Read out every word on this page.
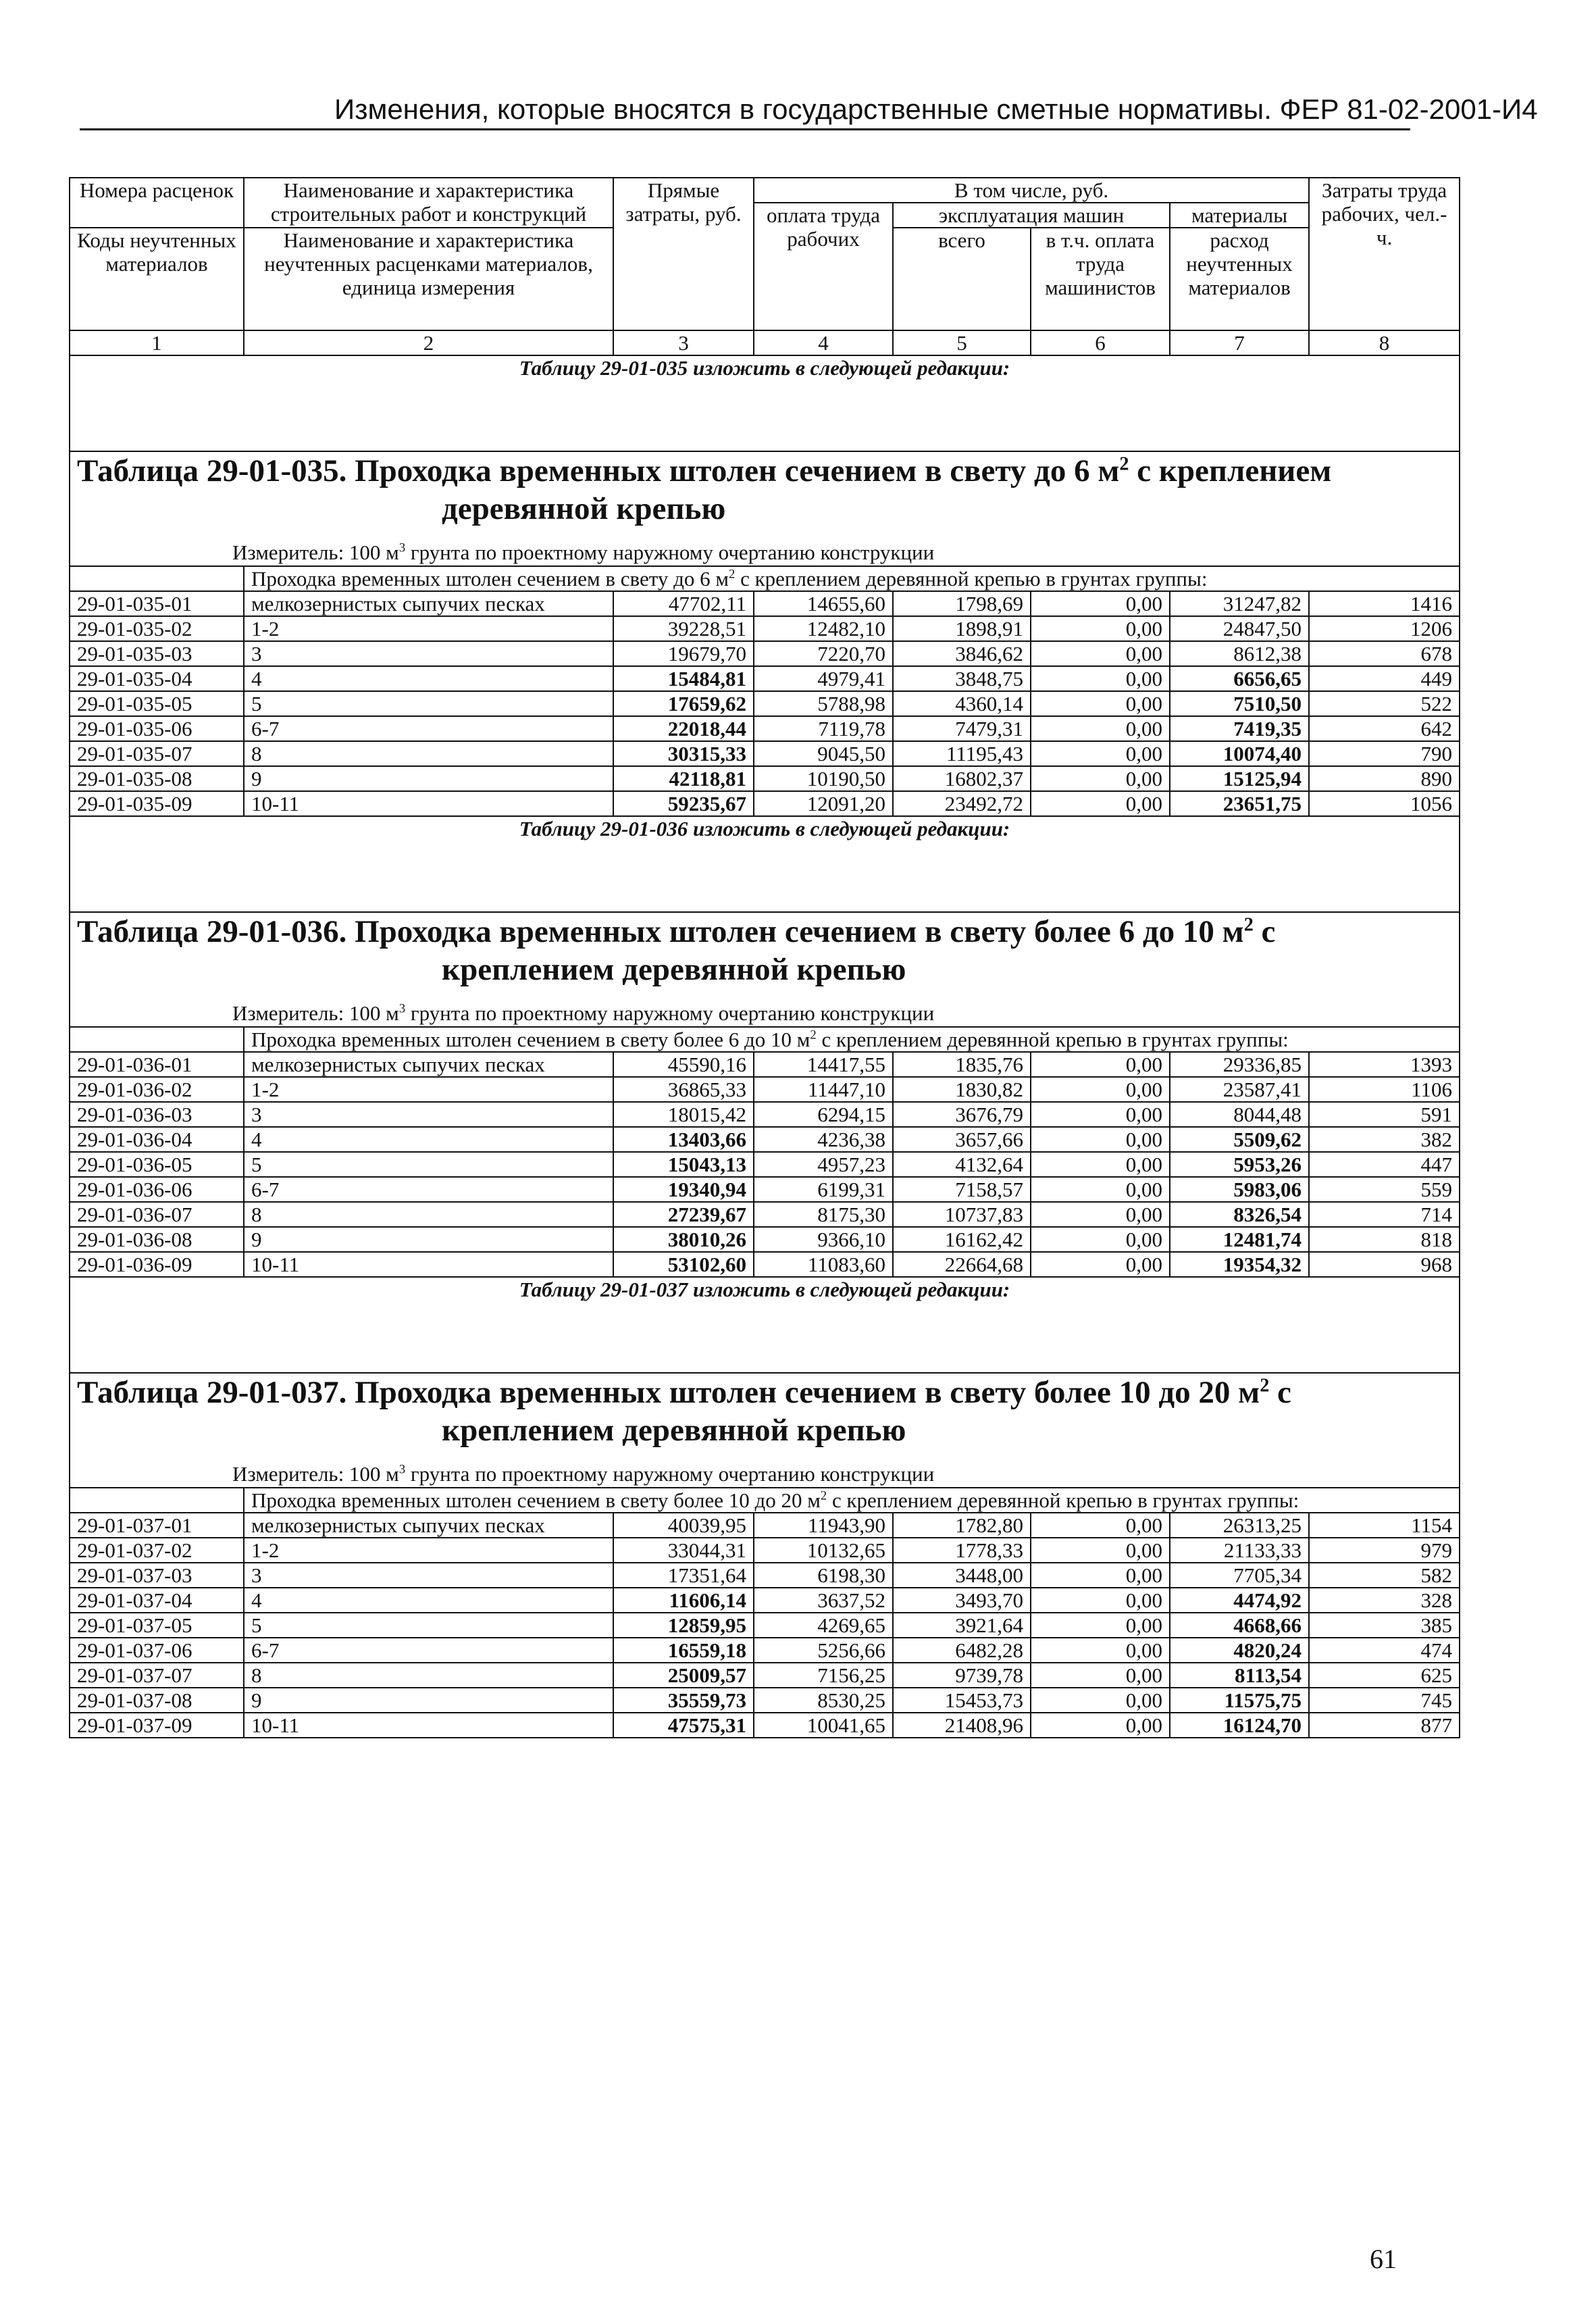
Изменения, которые вносятся в государственные сметные нормативы. ФЕР 81-02-2001-И4
Номера расценок	Наименование и характеристика строительных работ и конструкций	Прямые затраты, руб.	В том числе, руб.				Затраты труда рабочих, чел.-ч.
			оплата труда рабочих	эксплуатация машин		материалы	
Коды неучтенных материалов	Наименование и характеристика неучтенных расценками материалов, единица измерения			всего	в т.ч. оплата труда машинистов	расход неучтенных материалов	

1	2	3	4	5	6	7	8
Таблицу 29-01-035 изложить в следующей редакции:							

Таблица 29-01-035. Проходка временных штолен сечением в свету до 6 $м^2$ с креплением деревянной крепью
Измеритель: 100 $м^3$ грунта по проектному наружному очертанию конструкции							

	Проходка временных штолен сечением в свету до 6 $м^2$ с креплением деревянной крепью в грунтах группы:						
29-01-035-01	мелкозернистых сыпучих песках	47702,11	14655,60	1798,69	0,00	31247,82	1416
29-01-035-02	1-2	39228,51	12482,10	1898,91	0,00	24847,50	1206
29-01-035-03	3	19679,70	7220,70	3846,62	0,00	8612,38	678
29-01-035-04	4	15484,81	4979,41	3848,75	0,00	6656,65	449
29-01-035-05	5	17659,62	5788,98	4360,14	0,00	7510,50	522
29-01-035-06	6-7	22018,44	7119,78	7479,31	0,00	7419,35	642
29-01-035-07	8	30315,33	9045,50	11195,43	0,00	10074,40	790
29-01-035-08	9	42118,81	10190,50	16802,37	0,00	15125,94	890
29-01-035-09	10-11	59235,67	12091,20	23492,72	0,00	23651,75	1056
Таблицу 29-01-036 изложить в следующей редакции:							

Таблица 29-01-036. Проходка временных штолен сечением в свету более 6 до 10 $м^2$ с креплением деревянной крепью
Измеритель: 100 $м^3$ грунта по проектному наружному очертанию конструкции							

	Проходка временных штолен сечением в свету более 6 до 10 $м^2$ с креплением деревянной крепью в грунтах группы:						
29-01-036-01	мелкозернистых сыпучих песках	45590,16	14417,55	1835,76	0,00	29336,85	1393
29-01-036-02	1-2	36865,33	11447,10	1830,82	0,00	23587,41	1106
29-01-036-03	3	18015,42	6294,15	3676,79	0,00	8044,48	591
29-01-036-04	4	13403,66	4236,38	3657,66	0,00	5509,62	382
29-01-036-05	5	15043,13	4957,23	4132,64	0,00	5953,26	447
29-01-036-06	6-7	19340,94	6199,31	7158,57	0,00	5983,06	559
29-01-036-07	8	27239,67	8175,30	10737,83	0,00	8326,54	714
29-01-036-08	9	38010,26	9366,10	16162,42	0,00	12481,74	818
29-01-036-09	10-11	53102,60	11083,60	22664,68	0,00	19354,32	968
Таблицу 29-01-037 изложить в следующей редакции:							

Таблица 29-01-037. Проходка временных штолен сечением в свету более 10 до 20 $м^2$ с креплением деревянной крепью
Измеритель: 100 $м^3$ грунта по проектному наружному очертанию конструкции							

	Проходка временных штолен сечением в свету более 10 до 20 $м^2$ с креплением деревянной крепью в грунтах группы:						
29-01-037-01	мелкозернистых сыпучих песках	40039,95	11943,90	1782,80	0,00	26313,25	1154
29-01-037-02	1-2	33044,31	10132,65	1778,33	0,00	21133,33	979
29-01-037-03	3	17351,64	6198,30	3448,00	0,00	7705,34	582
29-01-037-04	4	11606,14	3637,52	3493,70	0,00	4474,92	328
29-01-037-05	5	12859,95	4269,65	3921,64	0,00	4668,66	385
29-01-037-06	6-7	16559,18	5256,66	6482,28	0,00	4820,24	474
29-01-037-07	8	25009,57	7156,25	9739,78	0,00	8113,54	625
29-01-037-08	9	35559,73	8530,25	15453,73	0,00	11575,75	745
29-01-037-09	10-11	47575,31	10041,65	21408,96	0,00	16124,70	877
61
